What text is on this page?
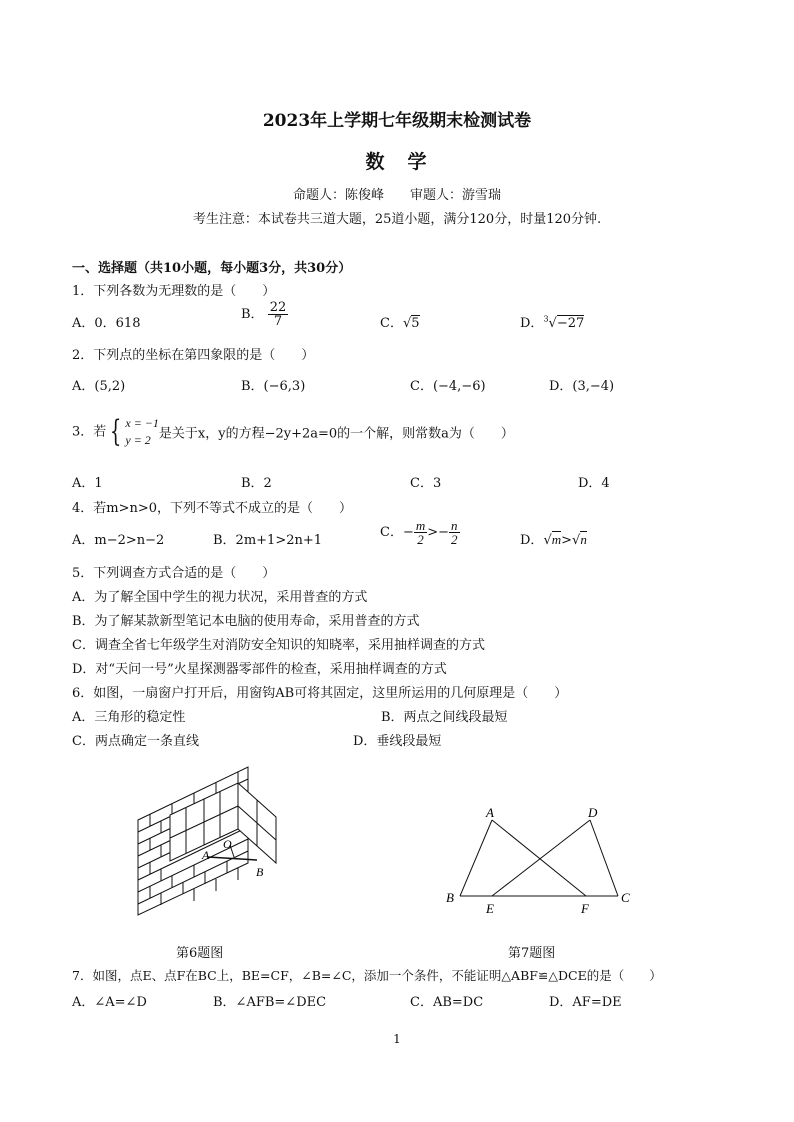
2023年上学期七年级期末检测试卷
数　学
命题人：陈俊峰　　审题人：游雪瑞
考生注意：本试卷共三道大题，25道小题，满分120分，时量120分钟.
一、选择题（共10小题，每小题3分，共30分）
1．下列各数为无理数的是（　　）
A．0．618
B． $\frac{22}{7}$	C．√5	D．$^3$√−27
2．下列点的坐标在第四象限的是（　　）
A．(5,2)	B．(−6,3)	C．(−4,−6)	D．(3,−4)
3．若 { x = −1
y = 2 是关于x，y的方程−2y+2a=0的一个解，则常数a为（　　）
A．1	B．2	C．3	D．4
4．若m>n>0，下列不等式不成立的是（　　）
A．m−2>n−2	B．2m+1>2n+1
C．− $\frac{m}{2} >- \frac{n}{2}$	D．√m>√n
5．下列调查方式合适的是（　　）
A．为了解全国中学生的视力状况，采用普查的方式
B．为了解某款新型笔记本电脑的使用寿命，采用普查的方式
C．调查全省七年级学生对消防安全知识的知晓率，采用抽样调查的方式
D．对“天问一号”火星探测器零部件的检查，采用抽样调查的方式
6．如图，一扇窗户打开后，用窗钩AB可将其固定，这里所运用的几何原理是（　　）
A．三角形的稳定性	B．两点之间线段最短
C．两点确定一条直线	D．垂线段最短
A
O
B
A	D
B	C
E	F
第6题图	第7题图
7．如图，点E、点F在BC上，BE=CF，∠B=∠C，添加一个条件，不能证明△ABF≌△DCE的是（　　）
A．∠A=∠D	B．∠AFB=∠DEC	C．AB=DC	D．AF=DE
1
